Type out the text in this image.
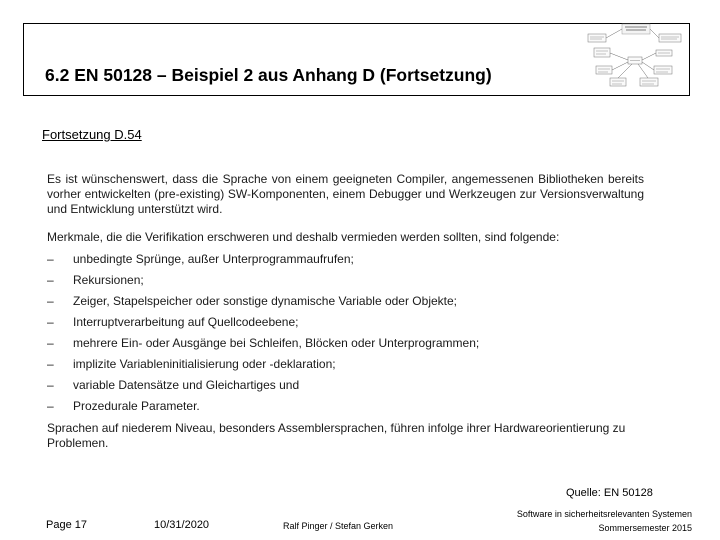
6.2 EN 50128 – Beispiel 2 aus Anhang D (Fortsetzung)
Fortsetzung D.54
Es ist wünschenswert, dass die Sprache von einem geeigneten Compiler, angemessenen Bibliotheken bereits vorher entwickelten (pre-existing) SW-Komponenten, einem Debugger und Werkzeugen zur Versionsverwaltung und Entwicklung unterstützt wird.
Merkmale, die die Verifikation erschweren und deshalb vermieden werden sollten, sind folgende:
– unbedingte Sprünge, außer Unterprogrammaufrufen;
– Rekursionen;
– Zeiger, Stapelspeicher oder sonstige dynamische Variable oder Objekte;
– Interruptverarbeitung auf Quellcodeebene;
– mehrere Ein- oder Ausgänge bei Schleifen, Blöcken oder Unterprogrammen;
– implizite Variableninitialisierung oder -deklaration;
– variable Datensätze und Gleichartiges und
– Prozedurale Parameter.
Sprachen auf niederem Niveau, besonders Assemblersprachen, führen infolge ihrer Hardwareorientierung zu Problemen.
Quelle: EN 50128
Page 17	10/31/2020	Ralf Pinger / Stefan Gerken
Software in sicherheitsrelevanten Systemen
Sommersemester 2015
